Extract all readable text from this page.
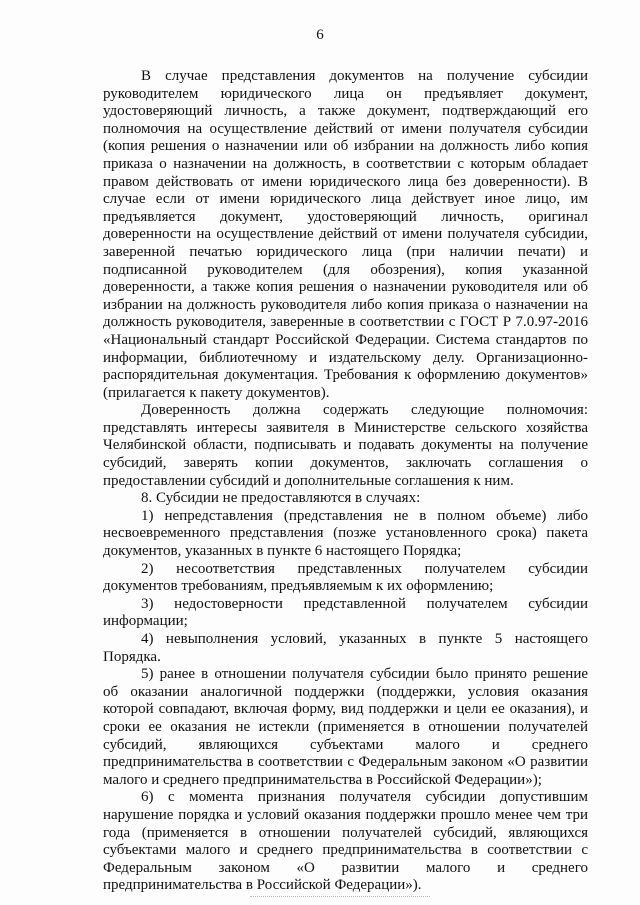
6

В случае представления документов на получение субсидии руководителем юридического лица он предъявляет документ, удостоверяющий личность, а также документ, подтверждающий его полномочия на осуществление действий от имени получателя субсидии (копия решения о назначении или об избрании на должность либо копия приказа о назначении на должность, в соответствии с которым обладает правом действовать от имени юридического лица без доверенности). В случае если от имени юридического лица действует иное лицо, им предъявляется документ, удостоверяющий личность, оригинал доверенности на осуществление действий от имени получателя субсидии, заверенной печатью юридического лица (при наличии печати) и подписанной руководителем (для обозрения), копия указанной доверенности, а также копия решения о назначении руководителя или об избрании на должность руководителя либо копия приказа о назначении на должность руководителя, заверенные в соответствии с ГОСТ Р 7.0.97-2016 «Национальный стандарт Российской Федерации. Система стандартов по информации, библиотечному и издательскому делу. Организационно-распорядительная документация. Требования к оформлению документов» (прилагается к пакету документов).

Доверенность должна содержать следующие полномочия: представлять интересы заявителя в Министерстве сельского хозяйства Челябинской области, подписывать и подавать документы на получение субсидий, заверять копии документов, заключать соглашения о предоставлении субсидий и дополнительные соглашения к ним.

8. Субсидии не предоставляются в случаях:

1) непредставления (представления не в полном объеме) либо несвоевременного представления (позже установленного срока) пакета документов, указанных в пункте 6 настоящего Порядка;

2) несоответствия представленных получателем субсидии документов требованиям, предъявляемым к их оформлению;

3) недостоверности представленной получателем субсидии информации;

4) невыполнения условий, указанных в пункте 5 настоящего Порядка.

5) ранее в отношении получателя субсидии было принято решение об оказании аналогичной поддержки (поддержки, условия оказания которой совпадают, включая форму, вид поддержки и цели ее оказания), и сроки ее оказания не истекли (применяется в отношении получателей субсидий, являющихся субъектами малого и среднего предпринимательства в соответствии с Федеральным законом «О развитии малого и среднего предпринимательства в Российской Федерации»);

6) с момента признания получателя субсидии допустившим нарушение порядка и условий оказания поддержки прошло менее чем три года (применяется в отношении получателей субсидий, являющихся субъектами малого и среднего предпринимательства в соответствии с Федеральным законом «О развитии малого и среднего предпринимательства в Российской Федерации»).
